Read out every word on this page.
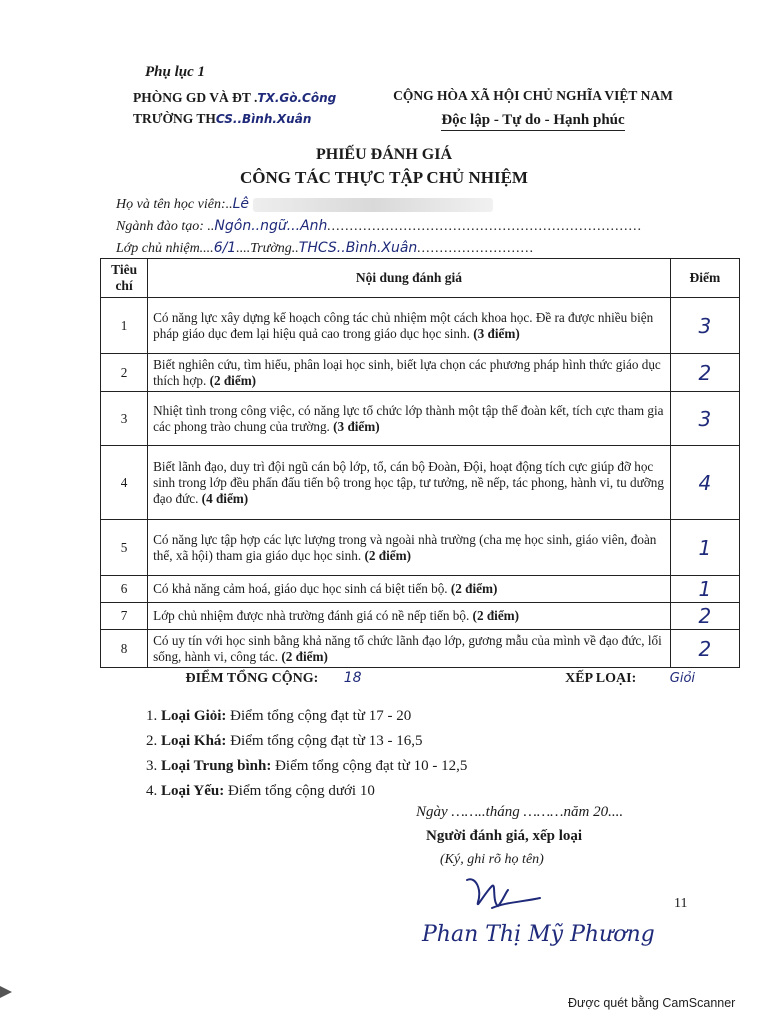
Phụ lục 1
PHÒNG GD VÀ ĐT .TX.Gò.Công
TRƯỜNG THCS..Bình.Xuân
CỘNG HÒA XÃ HỘI CHỦ NGHĨA VIỆT NAM
Độc lập - Tự do - Hạnh phúc
PHIẾU ĐÁNH GIÁ
CÔNG TÁC THỰC TẬP CHỦ NHIỆM
Họ và tên học viên:..Lê
Ngành đào tạo: ..Ngôn..ngữ...Anh......................................................................
Lớp chủ nhiệm....6/1....Trường..THCS..Bình.Xuân..........................
Tiêu chí	Nội dung đánh giá	Điểm
1	Có năng lực xây dựng kế hoạch công tác chủ nhiệm một cách khoa học. Đề ra được nhiều biện pháp giáo dục đem lại hiệu quả cao trong giáo dục học sinh. (3 điểm)	3
2	Biết nghiên cứu, tìm hiểu, phân loại học sinh, biết lựa chọn các phương pháp hình thức giáo dục thích hợp. (2 điểm)	2
3	Nhiệt tình trong công việc, có năng lực tổ chức lớp thành một tập thể đoàn kết, tích cực tham gia các phong trào chung của trường. (3 điểm)	3
4	Biết lãnh đạo, duy trì đội ngũ cán bộ lớp, tổ, cán bộ Đoàn, Đội, hoạt động tích cực giúp đỡ học sinh trong lớp đều phấn đấu tiến bộ trong học tập, tư tưởng, nề nếp, tác phong, hành vi, tu dưỡng đạo đức. (4 điểm)	4
5	Có năng lực tập hợp các lực lượng trong và ngoài nhà trường (cha mẹ học sinh, giáo viên, đoàn thể, xã hội) tham gia giáo dục học sinh. (2 điểm)	1
6	Có khả năng cảm hoá, giáo dục học sinh cá biệt tiến bộ. (2 điểm)	1
7	Lớp chủ nhiệm được nhà trường đánh giá có nề nếp tiến bộ. (2 điểm)	2
8	Có uy tín với học sinh bằng khả năng tổ chức lãnh đạo lớp, gương mẫu của mình về đạo đức, lối sống, hành vi, công tác. (2 điểm)	2
ĐIỂM TỔNG CỘNG: 18 XẾP LOẠI: Giỏi		
1. Loại Giỏi: Điểm tổng cộng đạt từ 17 - 20
2. Loại Khá: Điểm tổng cộng đạt từ 13 - 16,5
3. Loại Trung bình: Điểm tổng cộng đạt từ 10 - 12,5
4. Loại Yếu: Điểm tổng cộng dưới 10
Ngày ……..tháng ………năm 20....
Người đánh giá, xếp loại
(Ký, ghi rõ họ tên)
11
Phan Thị Mỹ Phương
Được quét bằng CamScanner
